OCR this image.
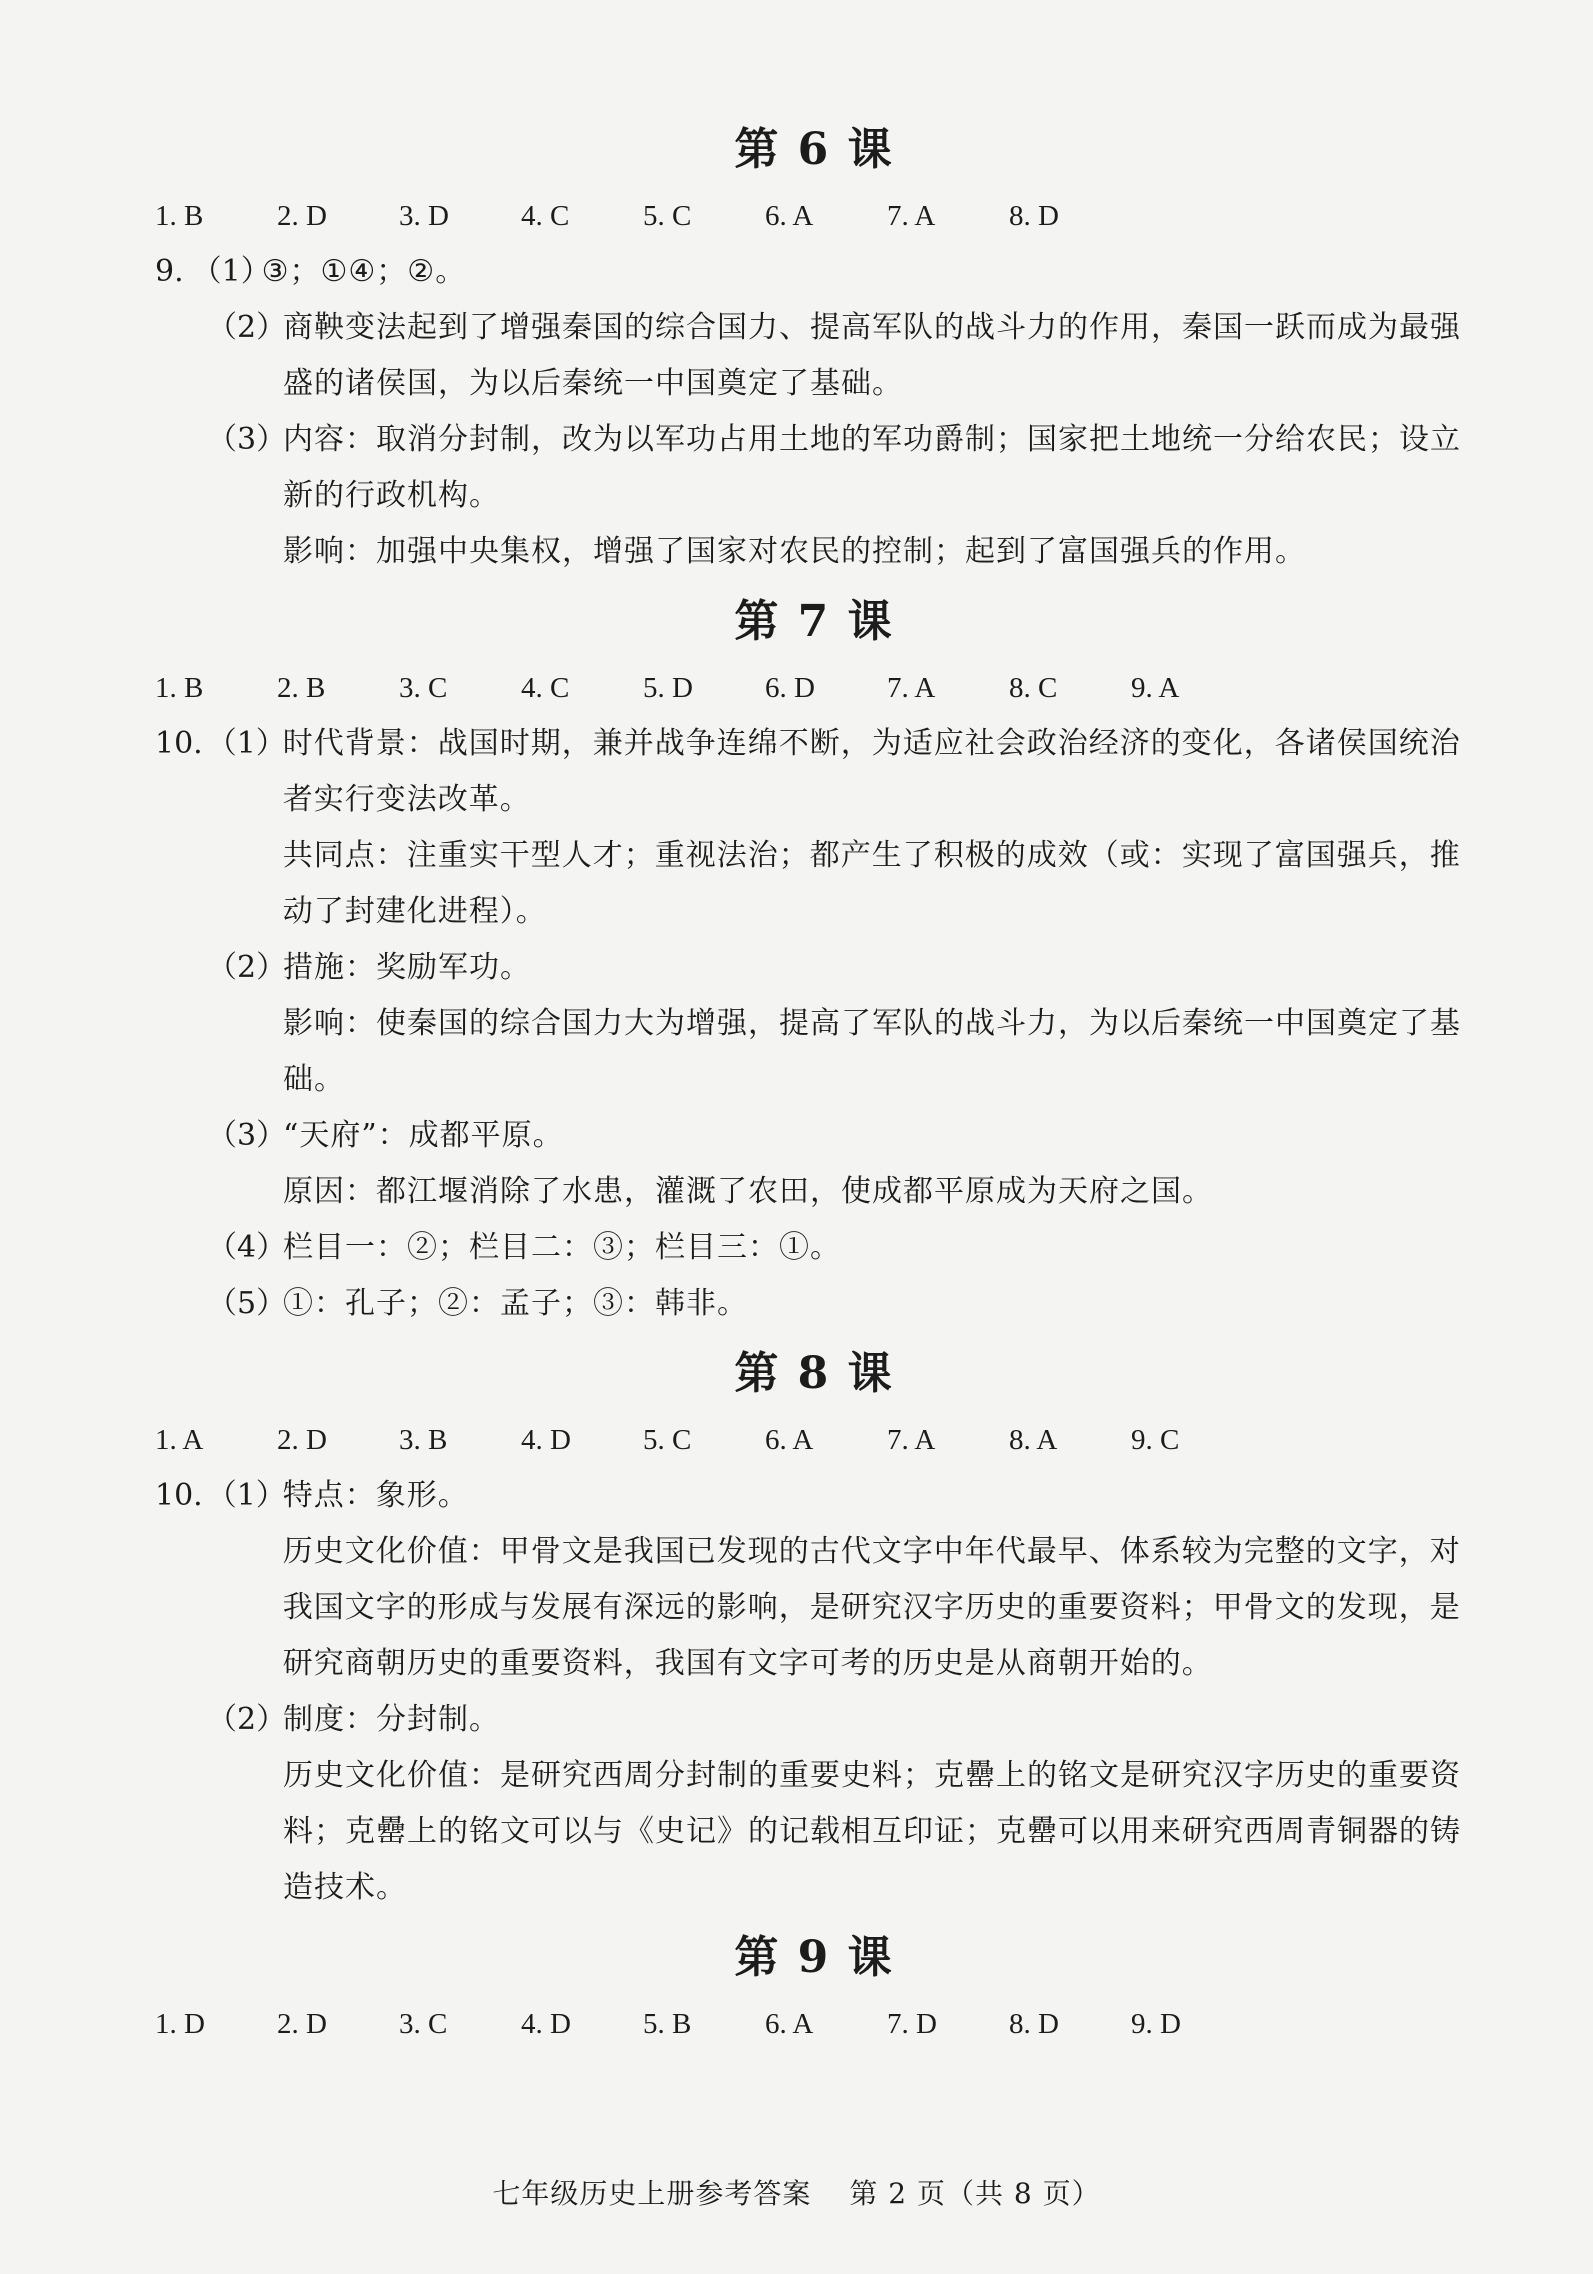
第 6 课
1. B	2. D	3. D	4. C	5. C	6. A	7. A	8. D
9. （1）
③；①④；②。
（2）
商鞅变法起到了增强秦国的综合国力、提高军队的战斗力的作用，秦国一跃而成为最强盛的诸侯国，为以后秦统一中国奠定了基础。
（3）
内容：取消分封制，改为以军功占用土地的军功爵制；国家把土地统一分给农民；设立新的行政机构。
影响：加强中央集权，增强了国家对农民的控制；起到了富国强兵的作用。
第 7 课
1. B	2. B	3. C	4. C	5. D	6. D	7. A	8. C	9. A
10. （1）
时代背景：战国时期，兼并战争连绵不断，为适应社会政治经济的变化，各诸侯国统治者实行变法改革。
共同点：注重实干型人才；重视法治；都产生了积极的成效（或：实现了富国强兵，推动了封建化进程）。
（2）
措施：奖励军功。
影响：使秦国的综合国力大为增强，提高了军队的战斗力，为以后秦统一中国奠定了基础。
（3）
“天府”：成都平原。
原因：都江堰消除了水患，灌溉了农田，使成都平原成为天府之国。
（4）
栏目一：②；栏目二：③；栏目三：①。
（5）
①：孔子；②：孟子；③：韩非。
第 8 课
1. A	2. D	3. B	4. D	5. C	6. A	7. A	8. A	9. C
10. （1）
特点：象形。
历史文化价值：甲骨文是我国已发现的古代文字中年代最早、体系较为完整的文字，对我国文字的形成与发展有深远的影响，是研究汉字历史的重要资料；甲骨文的发现，是研究商朝历史的重要资料，我国有文字可考的历史是从商朝开始的。
（2）
制度：分封制。
历史文化价值：是研究西周分封制的重要史料；克罍上的铭文是研究汉字历史的重要资料；克罍上的铭文可以与《史记》的记载相互印证；克罍可以用来研究西周青铜器的铸造技术。
第 9 课
1. D	2. D	3. C	4. D	5. B	6. A	7. D	8. D	9. D
七年级历史上册参考答案 第 2 页（共 8 页）
